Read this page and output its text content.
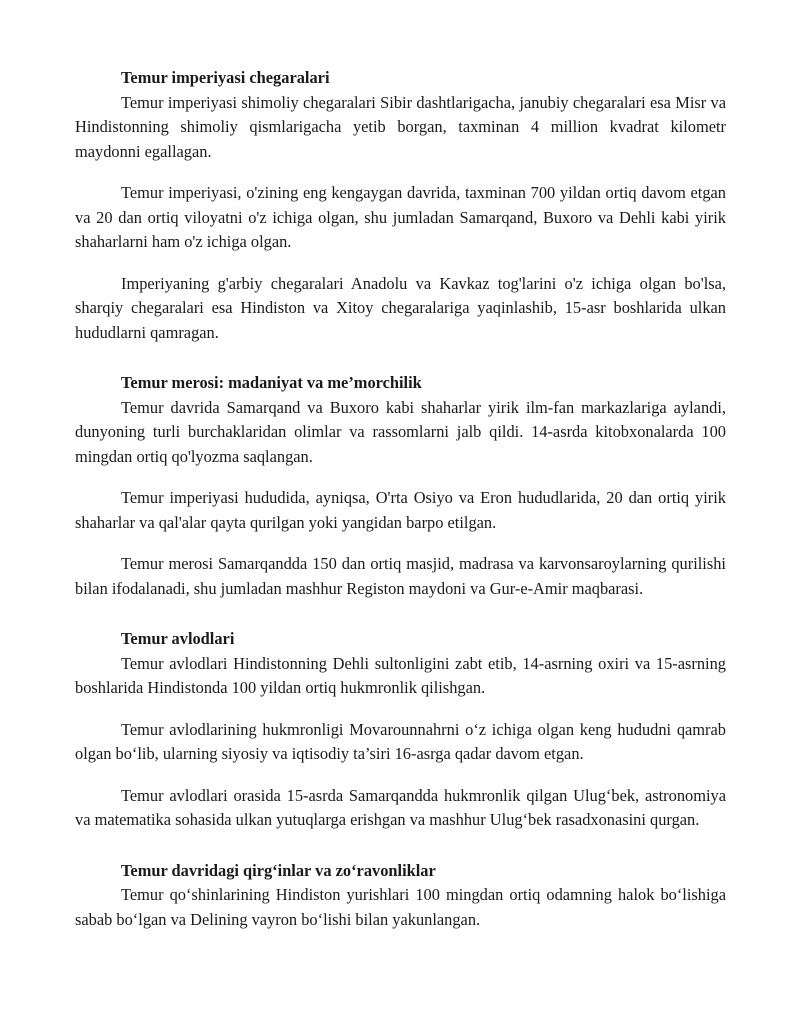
Temur imperiyasi chegaralari

Temur imperiyasi shimoliy chegaralari Sibir dashtlarigacha, janubiy chegaralari esa Misr va Hindistonning shimoliy qismlarigacha yetib borgan, taxminan 4 million kvadrat kilometr maydonni egallagan.

Temur imperiyasi, o'zining eng kengaygan davrida, taxminan 700 yildan ortiq davom etgan va 20 dan ortiq viloyatni o'z ichiga olgan, shu jumladan Samarqand, Buxoro va Dehli kabi yirik shaharlarni ham o'z ichiga olgan.

Imperiyaning g'arbiy chegaralari Anadolu va Kavkaz tog'larini o'z ichiga olgan bo'lsa, sharqiy chegaralari esa Hindiston va Xitoy chegaralariga yaqinlashib, 15-asr boshlarida ulkan hududlarni qamragan.

Temur merosi: madaniyat va me’morchilik

Temur davrida Samarqand va Buxoro kabi shaharlar yirik ilm-fan markazlariga aylandi, dunyoning turli burchaklaridan olimlar va rassomlarni jalb qildi. 14-asrda kitobxonalarda 100 mingdan ortiq qo'lyozma saqlangan.

Temur imperiyasi hududida, ayniqsa, O'rta Osiyo va Eron hududlarida, 20 dan ortiq yirik shaharlar va qal'alar qayta qurilgan yoki yangidan barpo etilgan.

Temur merosi Samarqandda 150 dan ortiq masjid, madrasa va karvonsaroylarning qurilishi bilan ifodalanadi, shu jumladan mashhur Registon maydoni va Gur-e-Amir maqbarasi.

Temur avlodlari

Temur avlodlari Hindistonning Dehli sultonligini zabt etib, 14-asrning oxiri va 15-asrning boshlarida Hindistonda 100 yildan ortiq hukmronlik qilishgan.

Temur avlodlarining hukmronligi Movarounnahrni o‘z ichiga olgan keng hududni qamrab olgan bo‘lib, ularning siyosiy va iqtisodiy ta’siri 16-asrga qadar davom etgan.

Temur avlodlari orasida 15-asrda Samarqandda hukmronlik qilgan Ulug‘bek, astronomiya va matematika sohasida ulkan yutuqlarga erishgan va mashhur Ulug‘bek rasadxonasini qurgan.

Temur davridagi qirg‘inlar va zo‘ravonliklar

Temur qo‘shinlarining Hindiston yurishlari 100 mingdan ortiq odamning halok bo‘lishiga sabab bo‘lgan va Delining vayron bo‘lishi bilan yakunlangan.
